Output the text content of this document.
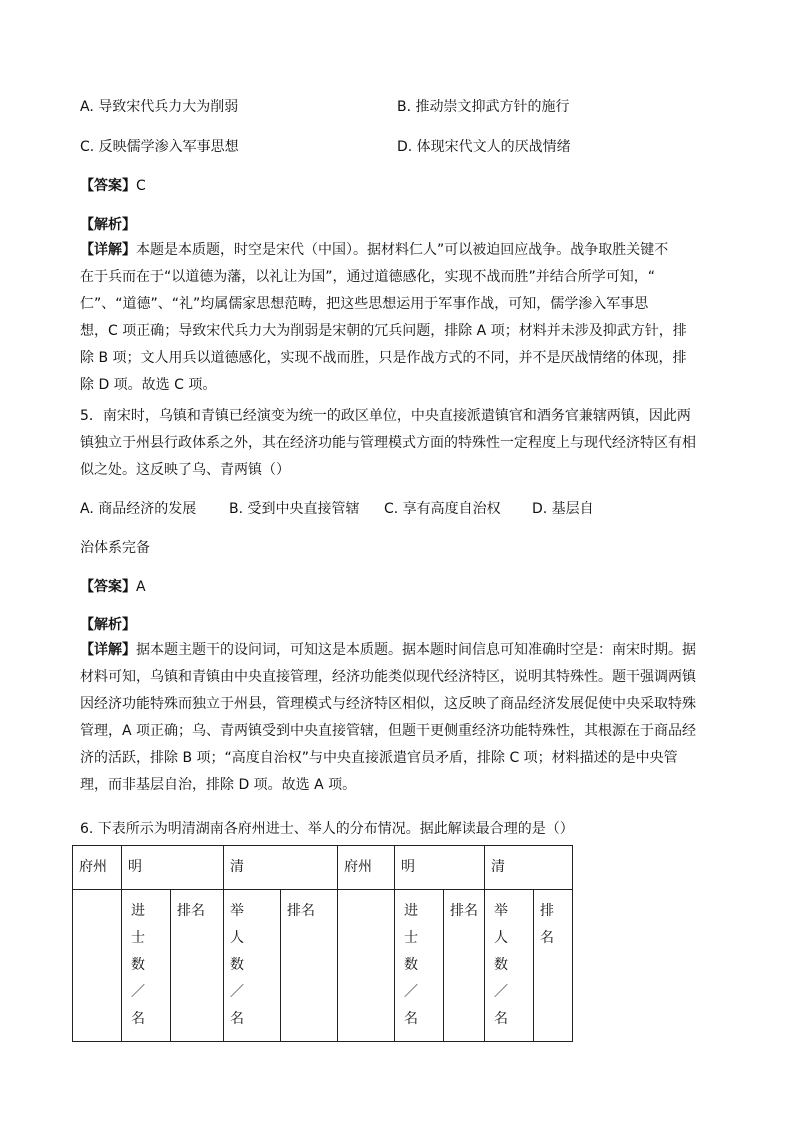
A. 导致宋代兵力大为削弱	B. 推动崇文抑武方针的施行
C. 反映儒学渗入军事思想	D. 体现宋代文人的厌战情绪
【答案】C
【解析】
【详解】本题是本质题，时空是宋代（中国）。据材料仁人”可以被迫回应战争。战争取胜关键不
在于兵而在于“以道德为藩，以礼让为国”，通过道德感化，实现不战而胜”并结合所学可知，“
仁”、“道德”、“礼”均属儒家思想范畴，把这些思想运用于军事作战，可知，儒学渗入军事思
想，C 项正确；导致宋代兵力大为削弱是宋朝的冗兵问题，排除 A 项；材料并未涉及抑武方针，排
除 B 项；文人用兵以道德感化，实现不战而胜，只是作战方式的不同，并不是厌战情绪的体现，排
除 D 项。故选 C 项。
5．南宋时，乌镇和青镇已经演变为统一的政区单位，中央直接派遣镇官和酒务官兼辖两镇，因此两
镇独立于州县行政体系之外，其在经济功能与管理模式方面的特殊性一定程度上与现代经济特区有相
似之处。这反映了乌、青两镇（）
A. 商品经济的发展 B. 受到中央直接管辖 C. 享有高度自治权 D. 基层自
治体系完备
【答案】A
【解析】
【详解】据本题主题干的设问词，可知这是本质题。据本题时间信息可知准确时空是：南宋时期。据
材料可知，乌镇和青镇由中央直接管理，经济功能类似现代经济特区，说明其特殊性。题干强调两镇
因经济功能特殊而独立于州县，管理模式与经济特区相似，这反映了商品经济发展促使中央采取特殊
管理，A 项正确；乌、青两镇受到中央直接管辖，但题干更侧重经济功能特殊性，其根源在于商品经
济的活跃，排除 B 项；“高度自治权”与中央直接派遣官员矛盾，排除 C 项；材料描述的是中央管
理，而非基层自治，排除 D 项。故选 A 项。
6. 下表所示为明清湖南各府州进士、举人的分布情况。据此解读最合理的是（）
府州	明		清		府州	明		清	

	进士数／名	排名	举人数／名	排名		进士数／名	排名	举人数／名	排名
